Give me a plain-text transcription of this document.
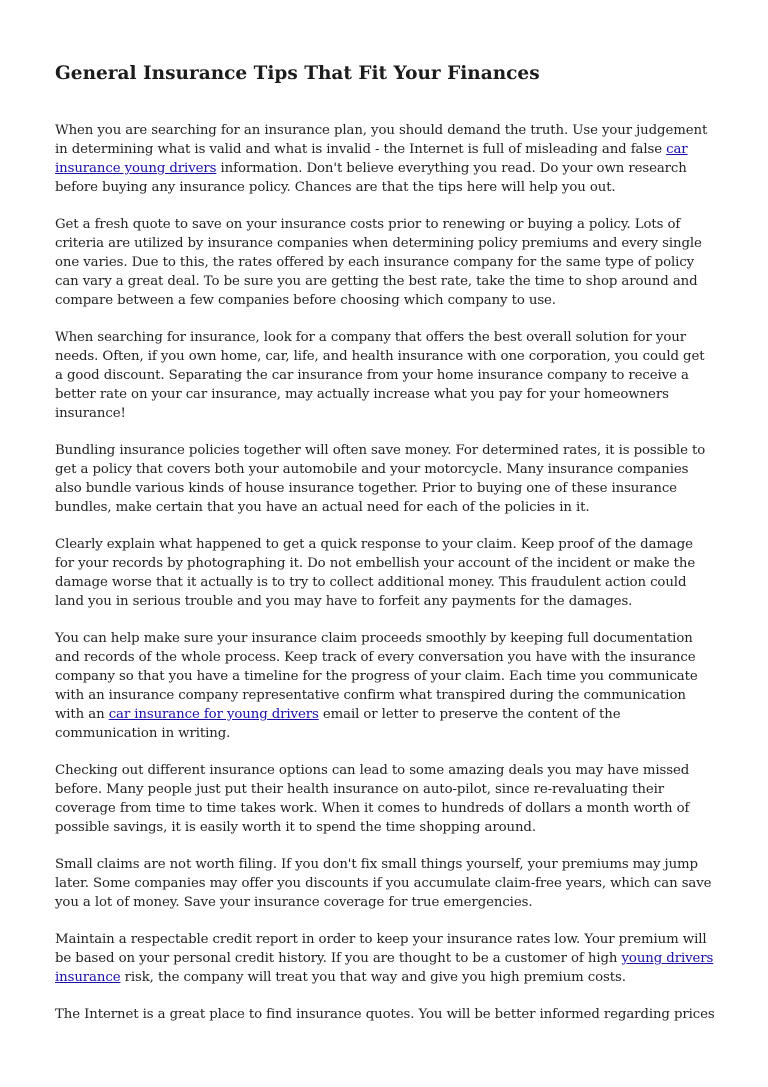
General Insurance Tips That Fit Your Finances

When you are searching for an insurance plan, you should demand the truth. Use your judgement in determining what is valid and what is invalid - the Internet is full of misleading and false car insurance young drivers information. Don't believe everything you read. Do your own research before buying any insurance policy. Chances are that the tips here will help you out.

Get a fresh quote to save on your insurance costs prior to renewing or buying a policy. Lots of criteria are utilized by insurance companies when determining policy premiums and every single one varies. Due to this, the rates offered by each insurance company for the same type of policy can vary a great deal. To be sure you are getting the best rate, take the time to shop around and compare between a few companies before choosing which company to use.

When searching for insurance, look for a company that offers the best overall solution for your needs. Often, if you own home, car, life, and health insurance with one corporation, you could get a good discount. Separating the car insurance from your home insurance company to receive a better rate on your car insurance, may actually increase what you pay for your homeowners insurance!

Bundling insurance policies together will often save money. For determined rates, it is possible to get a policy that covers both your automobile and your motorcycle. Many insurance companies also bundle various kinds of house insurance together. Prior to buying one of these insurance bundles, make certain that you have an actual need for each of the policies in it.

Clearly explain what happened to get a quick response to your claim. Keep proof of the damage for your records by photographing it. Do not embellish your account of the incident or make the damage worse that it actually is to try to collect additional money. This fraudulent action could land you in serious trouble and you may have to forfeit any payments for the damages.

You can help make sure your insurance claim proceeds smoothly by keeping full documentation and records of the whole process. Keep track of every conversation you have with the insurance company so that you have a timeline for the progress of your claim. Each time you communicate with an insurance company representative confirm what transpired during the communication with an car insurance for young drivers email or letter to preserve the content of the communication in writing.

Checking out different insurance options can lead to some amazing deals you may have missed before. Many people just put their health insurance on auto-pilot, since re-revaluating their coverage from time to time takes work. When it comes to hundreds of dollars a month worth of possible savings, it is easily worth it to spend the time shopping around.

Small claims are not worth filing. If you don't fix small things yourself, your premiums may jump later. Some companies may offer you discounts if you accumulate claim-free years, which can save you a lot of money. Save your insurance coverage for true emergencies.

Maintain a respectable credit report in order to keep your insurance rates low. Your premium will be based on your personal credit history. If you are thought to be a customer of high young drivers insurance risk, the company will treat you that way and give you high premium costs.

The Internet is a great place to find insurance quotes. You will be better informed regarding prices
